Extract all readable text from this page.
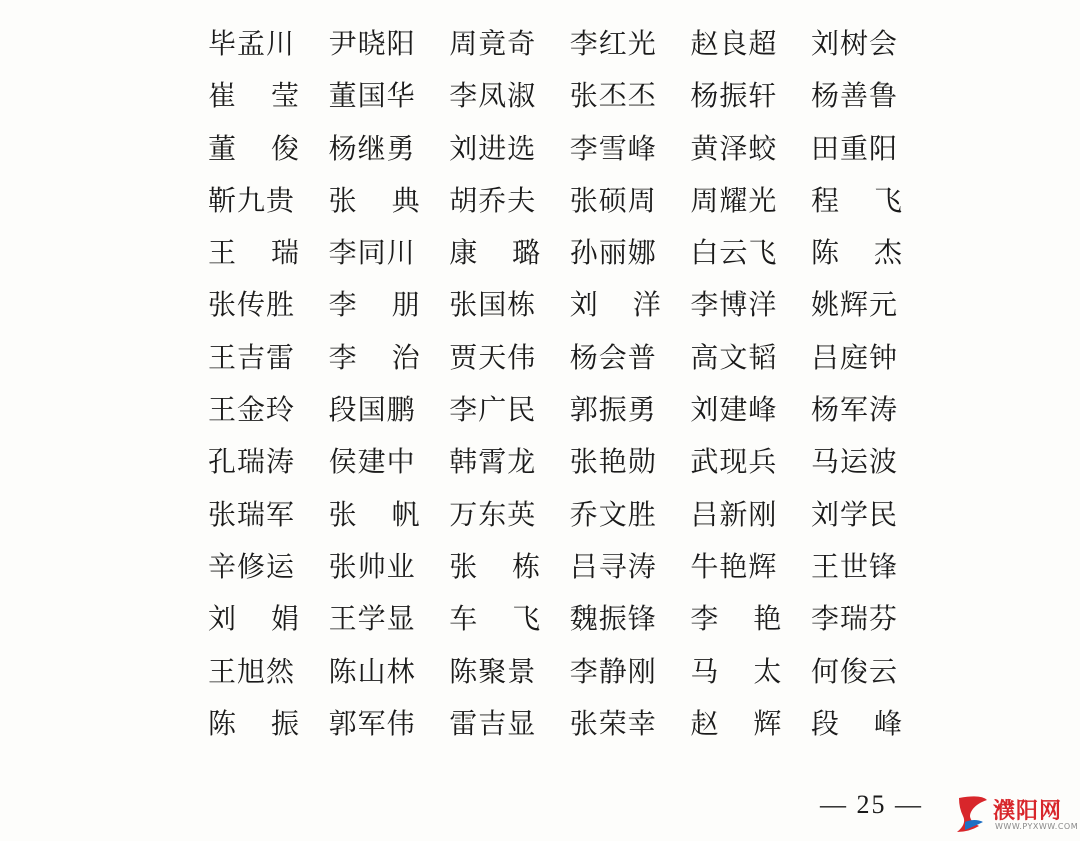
毕孟川 尹晓阳 周竟奇 李红光 赵良超 刘树会
崔 莹 董国华 李凤淑 张丕丕 杨振轩 杨善鲁
董 俊 杨继勇 刘进选 李雪峰 黄泽蛟 田重阳
靳九贵 张 典 胡乔夫 张硕周 周耀光 程 飞
王 瑞 李同川 康 璐 孙丽娜 白云飞 陈 杰
张传胜 李 朋 张国栋 刘 洋 李博洋 姚辉元
王吉雷 李 治 贾天伟 杨会普 高文韬 吕庭钟
王金玲 段国鹏 李广民 郭振勇 刘建峰 杨军涛
孔瑞涛 侯建中 韩霄龙 张艳勋 武现兵 马运波
张瑞军 张 帆 万东英 乔文胜 吕新刚 刘学民
辛修运 张帅业 张 栋 吕寻涛 牛艳辉 王世锋
刘 娟 王学显 车 飞 魏振锋 李 艳 李瑞芬
王旭然 陈山林 陈聚景 李静刚 马 太 何俊云
陈 振 郭军伟 雷吉显 张荣幸 赵 辉 段 峰
— 25 —	濮阳网
WWW.PYXWW.COM
